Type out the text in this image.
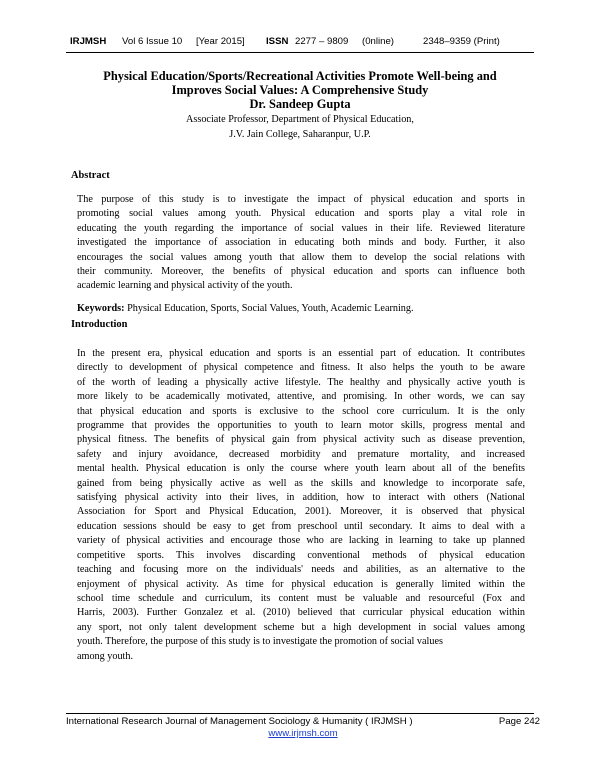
IRJMSH Vol 6 Issue 10 [Year 2015] ISSN 2277 – 9809 (0nline)	2348–9359 (Print)

Physical Education/Sports/Recreational Activities Promote Well-being and

Improves Social Values: A Comprehensive Study

Dr. Sandeep Gupta

Associate Professor, Department of Physical Education,

J.V. Jain College, Saharanpur, U.P.

Abstract
The purpose of this study is to investigate the impact of physical education and sports in
promoting social values among youth. Physical education and sports play a vital role in
educating the youth regarding the importance of social values in their life. Reviewed literature
investigated the importance of association in educating both minds and body. Further, it also
encourages the social values among youth that allow them to develop the social relations with
their community. Moreover, the benefits of physical education and sports can influence both
academic learning and physical activity of the youth.
Keywords: Physical Education, Sports, Social Values, Youth, Academic Learning.
Introduction
In the present era, physical education and sports is an essential part of education. It contributes
directly to development of physical competence and fitness. It also helps the youth to be aware
of the worth of leading a physically active lifestyle. The healthy and physically active youth is
more likely to be academically motivated, attentive, and promising. In other words, we can say
that physical education and sports is exclusive to the school core curriculum. It is the only
programme that provides the opportunities to youth to learn motor skills, progress mental and
physical fitness. The benefits of physical gain from physical activity such as disease prevention,
safety and injury avoidance, decreased morbidity and premature mortality, and increased
mental health. Physical education is only the course where youth learn about all of the benefits
gained from being physically active as well as the skills and knowledge to incorporate safe,
satisfying physical activity into their lives, in addition, how to interact with others (National
Association for Sport and Physical Education, 2001). Moreover, it is observed that physical
education sessions should be easy to get from preschool until secondary. It aims to deal with a
variety of physical activities and encourage those who are lacking in learning to take up planned
competitive sports. This involves discarding conventional methods of physical education
teaching and focusing more on the individuals' needs and abilities, as an alternative to the
enjoyment of physical activity. As time for physical education is generally limited within the
school time schedule and curriculum, its content must be valuable and resourceful (Fox and
Harris, 2003). Further Gonzalez et al. (2010) believed that curricular physical education within
any sport, not only talent development scheme but a high development in social values among
youth. Therefore, the purpose of this study is to investigate the promotion of social values
among youth.
International Research Journal of Management Sociology & Humanity ( IRJMSH )	Page 242
www.irjmsh.com
